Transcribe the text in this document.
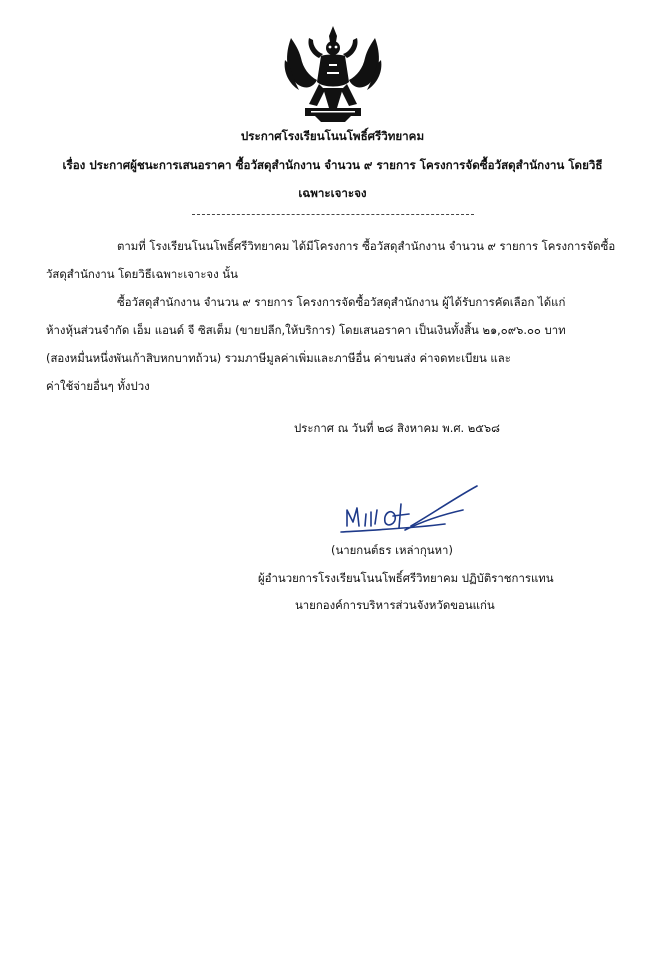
ประกาศโรงเรียนโนนโพธิ์ศรีวิทยาคม
เรื่อง ประกาศผู้ชนะการเสนอราคา ซื้อวัสดุสำนักงาน จำนวน ๙ รายการ โครงการจัดซื้อวัสดุสำนักงาน โดยวิธี
เฉพาะเจาะจง
ตามที่ โรงเรียนโนนโพธิ์ศรีวิทยาคม ได้มีโครงการ ซื้อวัสดุสำนักงาน จำนวน ๙ รายการ โครงการจัดซื้อ
วัสดุสำนักงาน โดยวิธีเฉพาะเจาะจง นั้น
ซื้อวัสดุสำนักงาน จำนวน ๙ รายการ โครงการจัดซื้อวัสดุสำนักงาน ผู้ได้รับการคัดเลือก ได้แก่
ห้างหุ้นส่วนจำกัด เอ็ม แอนด์ จี ซิสเต็ม (ขายปลีก,ให้บริการ) โดยเสนอราคา เป็นเงินทั้งสิ้น ๒๑,๐๙๖.๐๐ บาท
(สองหมื่นหนึ่งพันเก้าสิบหกบาทถ้วน) รวมภาษีมูลค่าเพิ่มและภาษีอื่น ค่าขนส่ง ค่าจดทะเบียน และ
ค่าใช้จ่ายอื่นๆ ทั้งปวง
ประกาศ ณ วันที่ ๒๘ สิงหาคม พ.ศ. ๒๕๖๘
(นายกนต์ธร เหล่ากุนหา)
ผู้อำนวยการโรงเรียนโนนโพธิ์ศรีวิทยาคม ปฏิบัติราชการแทน
นายกองค์การบริหารส่วนจังหวัดขอนแก่น
